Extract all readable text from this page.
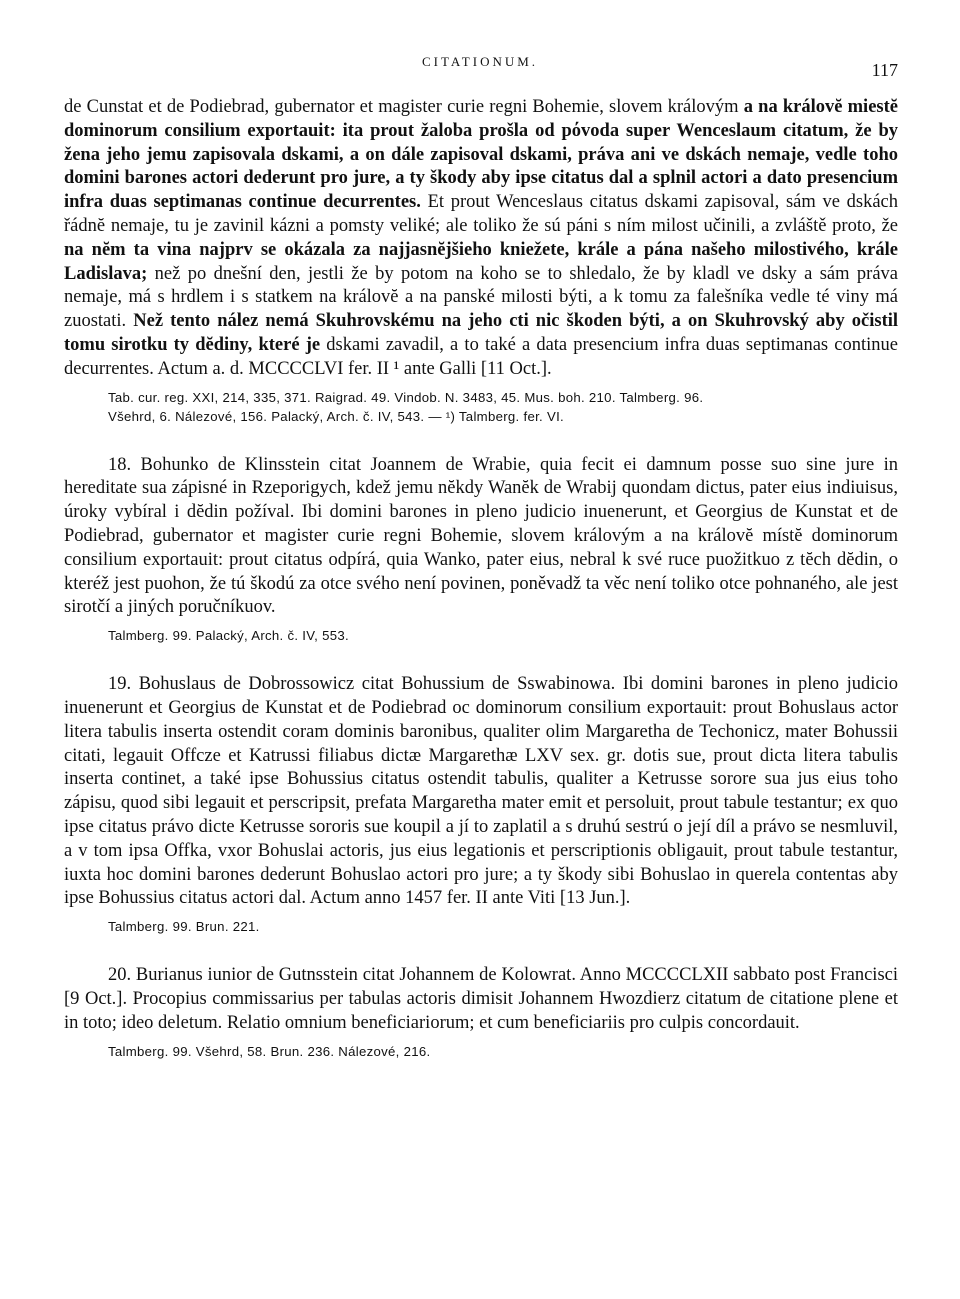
CITATIONUM.	117

de Cunstat et de Podiebrad, gubernator et magister curie regni Bohemie, slovem královým a na královĕ miestĕ dominorum consilium exportauit: ita prout žaloba prošla od pόvoda super Wenceslaum citatum, že by žena jeho jemu zapisovala dskami, a on dále zapisoval dskami, práva ani ve dskách nemaje, vedle toho domini barones actori dederunt pro jure, a ty škody aby ipse citatus dal a splnil actori a dato presencium infra duas septimanas continue decurrentes. Et prout Wenceslaus citatus dskami zapisoval, sám ve dskách řádnĕ nemaje, tu je zavinil kázni a pomsty veliké; ale toliko že sú páni s ním milost učinili, a zvláště proto, že na nĕm ta vina najprv se okázala za najjasnĕjšieho kniežete, krále a pána našeho milostivého, krále Ladislava; než po dnešní den, jestli že by potom na koho se to shledalo, že by kladl ve dsky a sám práva nemaje, má s hrdlem i s statkem na královĕ a na panské milosti býti, a k tomu za falešníka vedle té viny má zuostati. Než tento nález nemá Skuhrovskému na jeho cti nic škoden býti, a on Skuhrovský aby očistil tomu sirotku ty dĕdiny, které je dskami zavadil, a to také a data presencium infra duas septimanas continue decurrentes. Actum a. d. MCCCCLVI fer. II ¹ ante Galli [11 Oct.].

Tab. cur. reg. XXI, 214, 335, 371. Raigrad. 49. Vindob. N. 3483, 45. Mus. boh. 210. Talmberg. 96.
Všehrd, 6. Nálezové, 156. Palacký, Arch. č. IV, 543. — ¹) Talmberg. fer. VI.

18. Bohunko de Klinsstein citat Joannem de Wrabie, quia fecit ei damnum posse suo sine jure in hereditate sua zápisné in Rzeporigych, kdež jemu nĕkdy Wanĕk de Wrabij quondam dictus, pater eius indiuisus, úroky vybíral i dĕdin požíval. Ibi domini barones in pleno judicio inuenerunt, et Georgius de Kunstat et de Podiebrad, gubernator et magister curie regni Bohemie, slovem královým a na královĕ místĕ dominorum consilium exportauit: prout citatus odpírá, quia Wanko, pater eius, nebral k své ruce puožitkuo z tĕch dĕdin, o kteréž jest puohon, že tú škodú za otce svého není povinen, poněvadž ta věc není toliko otce pohnaného, ale jest sirotčí a jiných poručníkuov.

Talmberg. 99. Palacký, Arch. č. IV, 553.

19. Bohuslaus de Dobrossowicz citat Bohussium de Sswabinowa. Ibi domini barones in pleno judicio inuenerunt et Georgius de Kunstat et de Podiebrad oc dominorum consilium exportauit: prout Bohuslaus actor litera tabulis inserta ostendit coram dominis baronibus, qualiter olim Margaretha de Techonicz, mater Bohussii citati, legauit Offcze et Katrussi filiabus dictæ Margarethæ LXV sex. gr. dotis sue, prout dicta litera tabulis inserta continet, a také ipse Bohussius citatus ostendit tabulis, qualiter a Ketrusse sorore sua jus eius toho zápisu, quod sibi legauit et perscripsit, prefata Margaretha mater emit et persoluit, prout tabule testantur; ex quo ipse citatus právo dicte Ketrusse sororis sue koupil a jí to zaplatil a s druhú sestrú o její díl a právo se nesmluvil, a v tom ipsa Offka, vxor Bohuslai actoris, jus eius legationis et perscriptionis obligauit, prout tabule testantur, iuxta hoc domini barones dederunt Bohuslao actori pro jure; a ty škody sibi Bohuslao in querela contentas aby ipse Bohussius citatus actori dal. Actum anno 1457 fer. II ante Viti [13 Jun.].

Talmberg. 99. Brun. 221.

20. Burianus iunior de Gutnsstein citat Johannem de Kolowrat. Anno MCCCCLXII sabbato post Francisci [9 Oct.]. Procopius commissarius per tabulas actoris dimisit Johannem Hwozdierz citatum de citatione plene et in toto; ideo deletum. Relatio omnium beneficiariorum; et cum beneficiariis pro culpis concordauit.

Talmberg. 99. Všehrd, 58. Brun. 236. Nálezové, 216.
